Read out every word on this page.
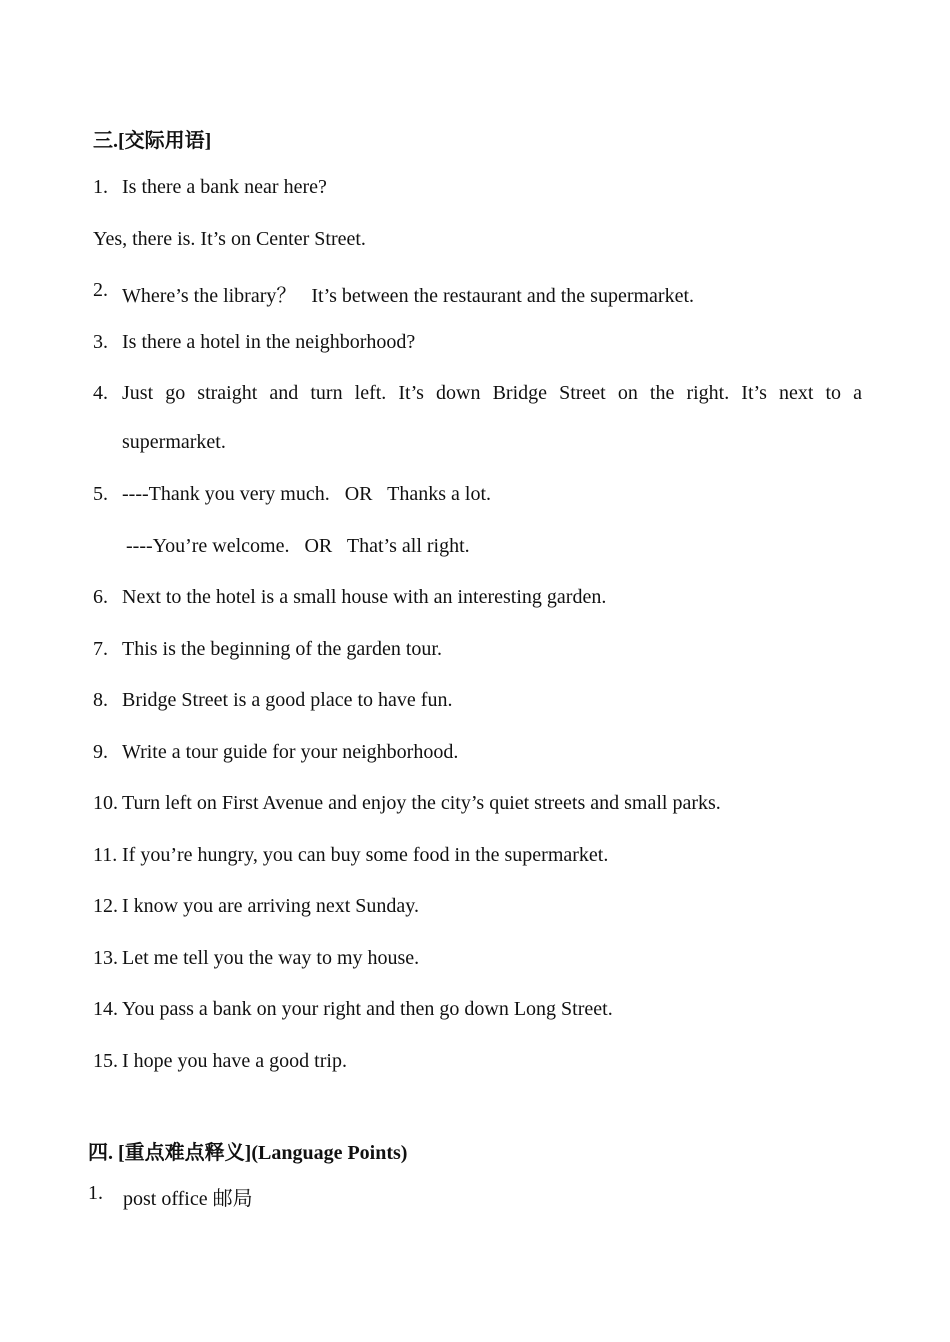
三.[交际用语]
1. Is there a bank near here?
Yes, there is. It’s on Center Street.
2. Where’s the library？   It’s between the restaurant and the supermarket.
3. Is there a hotel in the neighborhood?
4. Just go straight and turn left. It’s down Bridge Street on the right. It’s next to a
supermarket.
5. ----Thank you very much.   OR   Thanks a lot.
----You’re welcome.   OR   That’s all right.
6. Next to the hotel is a small house with an interesting garden.
7. This is the beginning of the garden tour.
8. Bridge Street is a good place to have fun.
9. Write a tour guide for your neighborhood.
10. Turn left on First Avenue and enjoy the city’s quiet streets and small parks.
11. If you’re hungry, you can buy some food in the supermarket.
12. I know you are arriving next Sunday.
13. Let me tell you the way to my house.
14. You pass a bank on your right and then go down Long Street.
15. I hope you have a good trip.
四. [重点难点释义](Language Points)
1. post office 邮局
